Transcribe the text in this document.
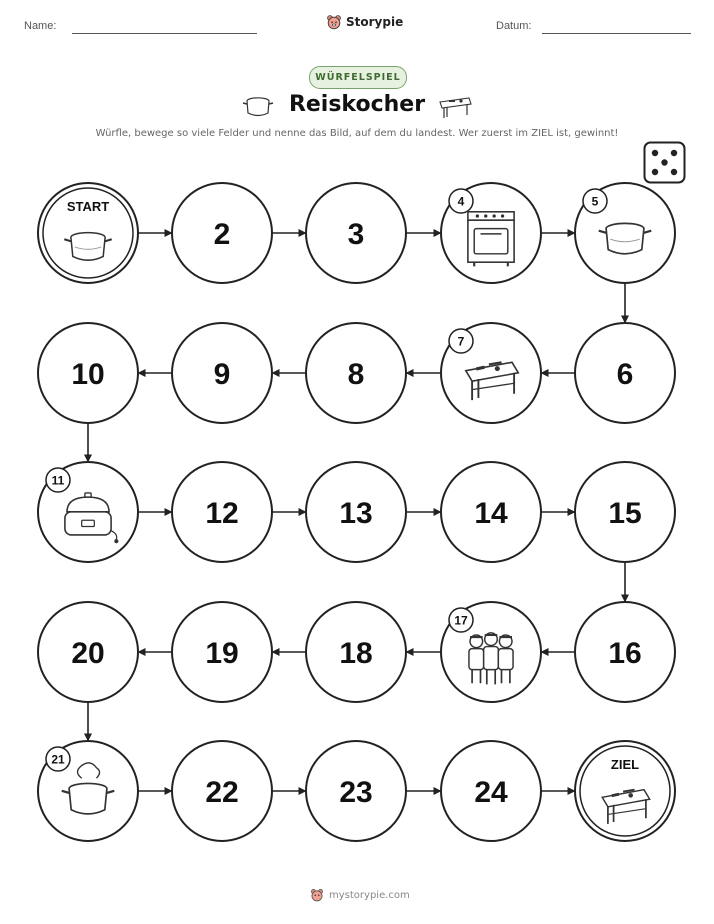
Name:	Storypie	Datum:
WÜRFELSPIEL
Reiskocher
Würfle, bewege so viele Felder und nenne das Bild, auf dem du landest. Wer zuerst im ZIEL ist, gewinnt!
START
2	3
4	5
10	9	8
7
6
11
12	13	14	15
20	19	18
17
16
21
22	23	24
ZIEL
mystorypie.com
